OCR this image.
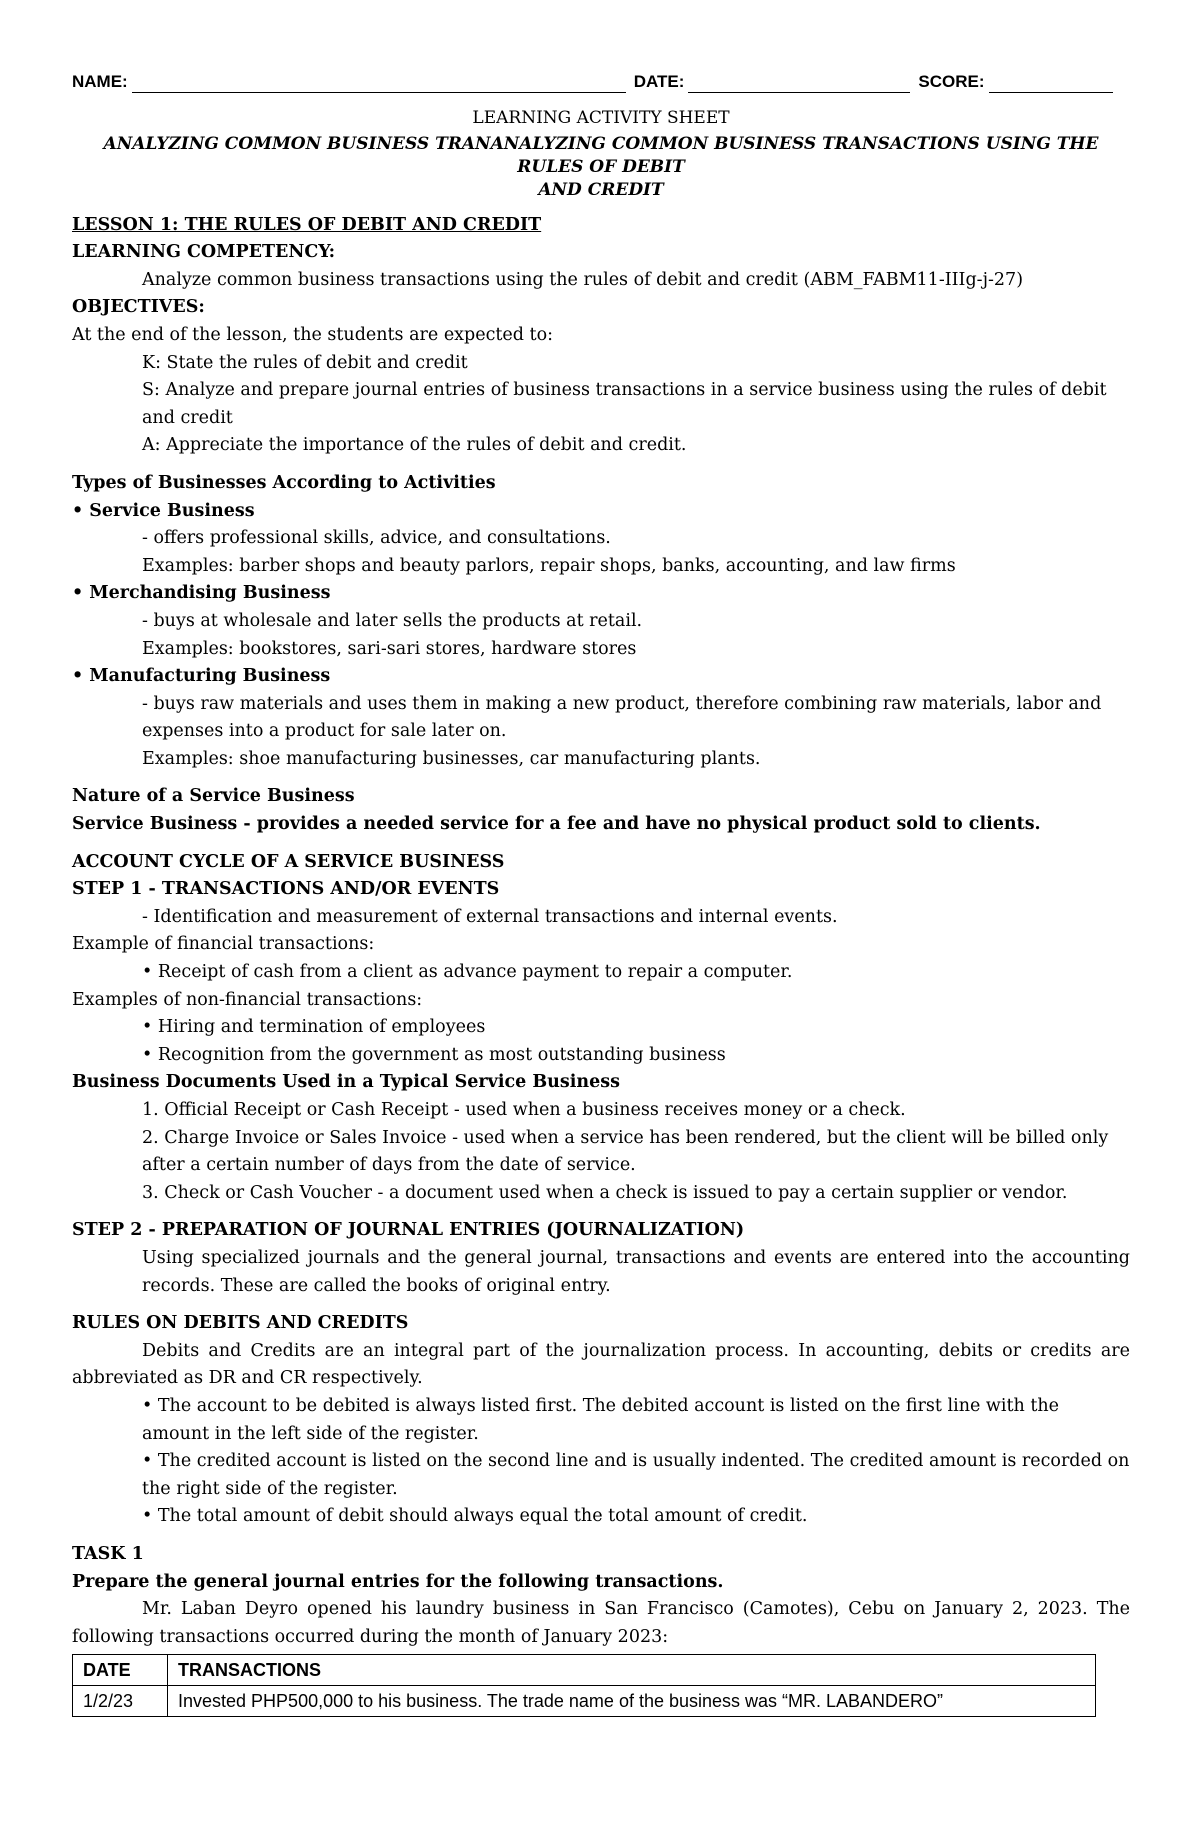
NAME:	DATE:	SCORE:

LEARNING ACTIVITY SHEET

ANALYZING COMMON BUSINESS TRANANALYZING COMMON BUSINESS TRANSACTIONS USING THE RULES OF DEBIT

AND CREDIT

LESSON 1: THE RULES OF DEBIT AND CREDIT

LEARNING COMPETENCY:

Analyze common business transactions using the rules of debit and credit (ABM_FABM11-IIIg-j-27)

OBJECTIVES:

At the end of the lesson, the students are expected to:

K: State the rules of debit and credit

S: Analyze and prepare journal entries of business transactions in a service business using the rules of debit and credit

A: Appreciate the importance of the rules of debit and credit.

Types of Businesses According to Activities

• Service Business

- offers professional skills, advice, and consultations.

Examples: barber shops and beauty parlors, repair shops, banks, accounting, and law firms

• Merchandising Business

- buys at wholesale and later sells the products at retail.

Examples: bookstores, sari-sari stores, hardware stores

• Manufacturing Business

- buys raw materials and uses them in making a new product, therefore combining raw materials, labor and expenses into a product for sale later on.

Examples: shoe manufacturing businesses, car manufacturing plants.

Nature of a Service Business

Service Business - provides a needed service for a fee and have no physical product sold to clients.

ACCOUNT CYCLE OF A SERVICE BUSINESS

STEP 1 - TRANSACTIONS AND/OR EVENTS

- Identification and measurement of external transactions and internal events.

Example of financial transactions:

• Receipt of cash from a client as advance payment to repair a computer.

Examples of non-financial transactions:

• Hiring and termination of employees

• Recognition from the government as most outstanding business

Business Documents Used in a Typical Service Business

1. Official Receipt or Cash Receipt - used when a business receives money or a check.

2. Charge Invoice or Sales Invoice - used when a service has been rendered, but the client will be billed only after a certain number of days from the date of service.

3. Check or Cash Voucher - a document used when a check is issued to pay a certain supplier or vendor.

STEP 2 - PREPARATION OF JOURNAL ENTRIES (JOURNALIZATION)

Using specialized journals and the general journal, transactions and events are entered into the accounting records. These are called the books of original entry.

RULES ON DEBITS AND CREDITS

Debits and Credits are an integral part of the journalization process. In accounting, debits or credits are abbreviated as DR and CR respectively.

• The account to be debited is always listed first. The debited account is listed on the first line with the amount in the left side of the register.

• The credited account is listed on the second line and is usually indented. The credited amount is recorded on the right side of the register.

• The total amount of debit should always equal the total amount of credit.

TASK 1

Prepare the general journal entries for the following transactions.

Mr. Laban Deyro opened his laundry business in San Francisco (Camotes), Cebu on January 2, 2023. The following transactions occurred during the month of January 2023:

DATE	TRANSACTIONS
1/2/23	Invested PHP500,000 to his business. The trade name of the business was “MR. LABANDERO”
